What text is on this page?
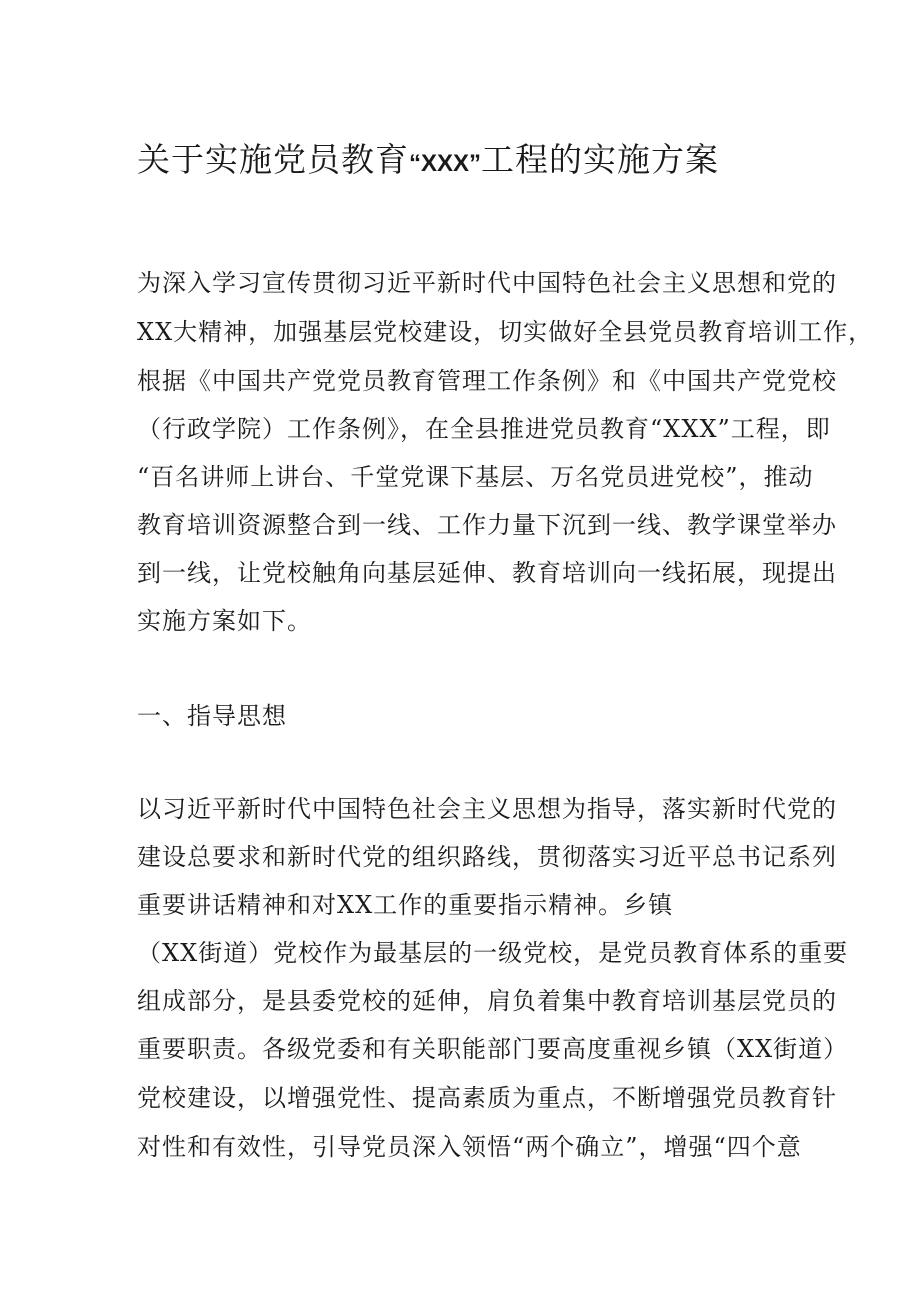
关于实施党员教育“XXX”工程的实施方案
为深入学习宣传贯彻习近平新时代中国特色社会主义思想和党的
XX大精神，加强基层党校建设，切实做好全县党员教育培训工作，
根据《中国共产党党员教育管理工作条例》和《中国共产党党校
（行政学院）工作条例》，在全县推进党员教育“XXX”工程，即
“百名讲师上讲台、千堂党课下基层、万名党员进党校”，推动
教育培训资源整合到一线、工作力量下沉到一线、教学课堂举办
到一线，让党校触角向基层延伸、教育培训向一线拓展，现提出
实施方案如下。
一、指导思想
以习近平新时代中国特色社会主义思想为指导，落实新时代党的
建设总要求和新时代党的组织路线，贯彻落实习近平总书记系列
重要讲话精神和对XX工作的重要指示精神。乡镇
（XX街道）党校作为最基层的一级党校，是党员教育体系的重要
组成部分，是县委党校的延伸，肩负着集中教育培训基层党员的
重要职责。各级党委和有关职能部门要高度重视乡镇（XX街道）
党校建设，以增强党性、提高素质为重点，不断增强党员教育针
对性和有效性，引导党员深入领悟“两个确立”，增强“四个意
